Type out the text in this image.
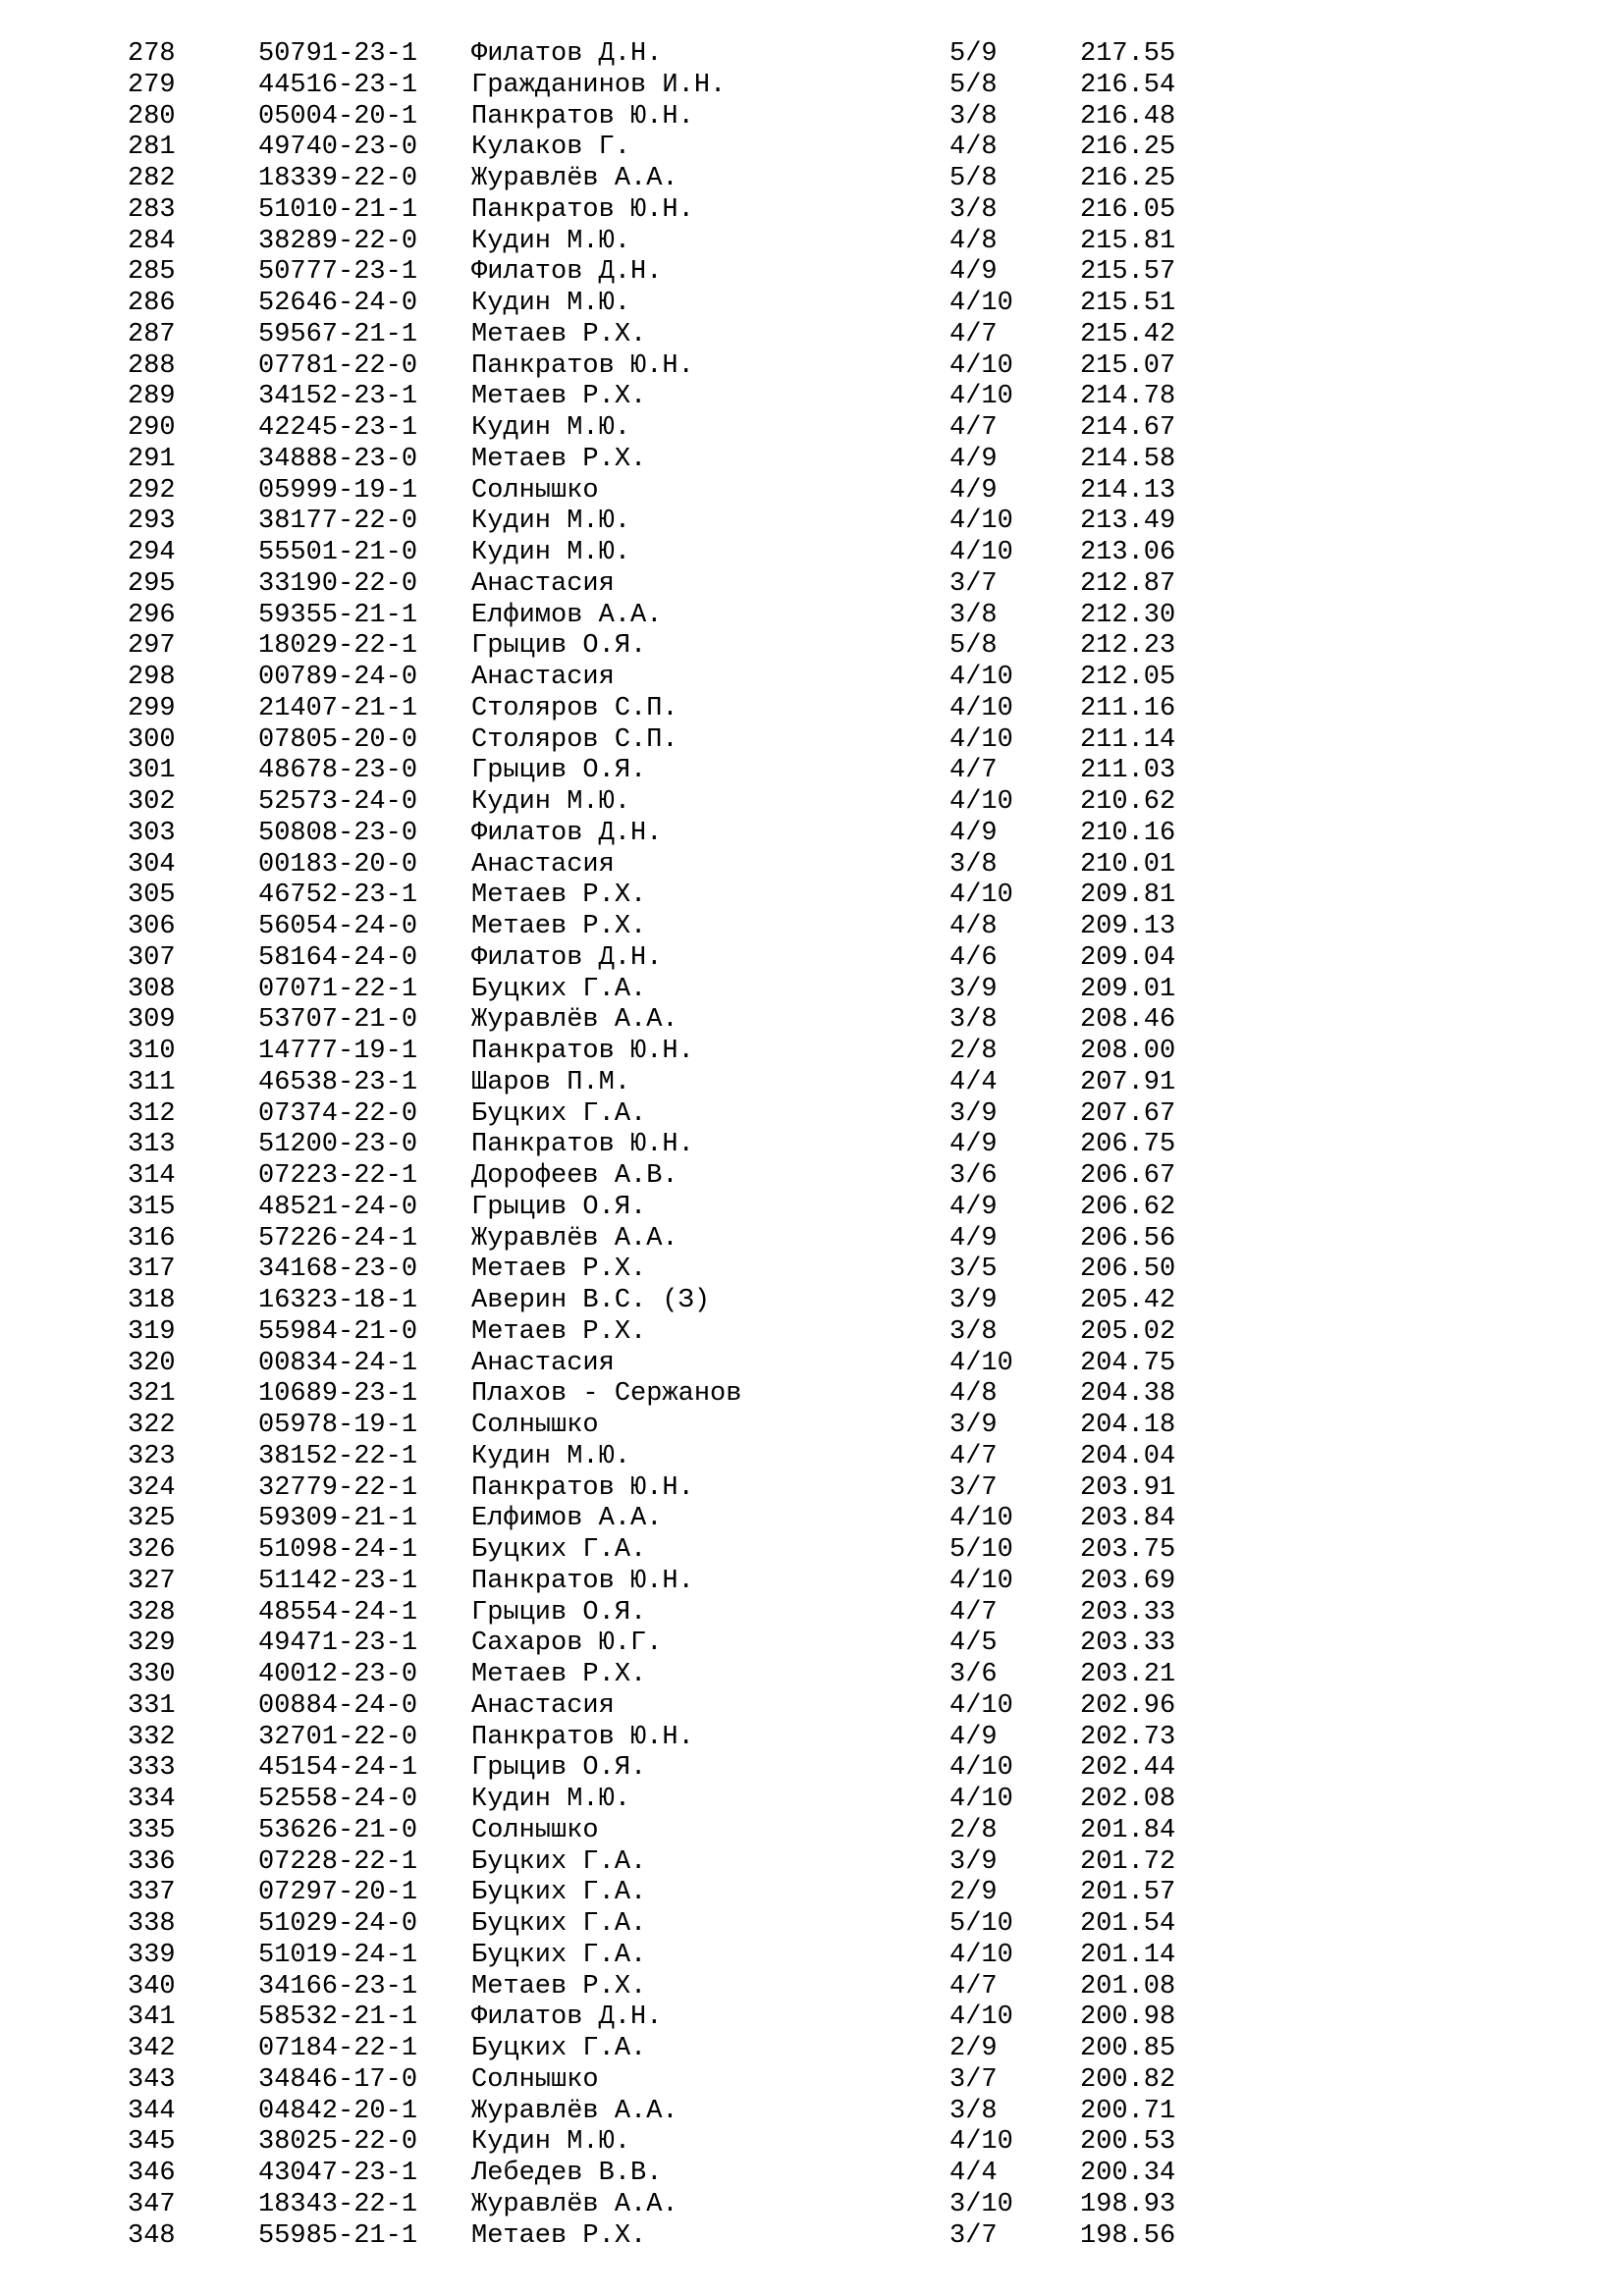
278	50791-23-1 Филатов Д.Н.	5/9	217.55
279	44516-23-1 Гражданинов И.Н.	5/8	216.54
280	05004-20-1 Панкратов Ю.Н.	3/8	216.48
281	49740-23-0 Кулаков Г.	4/8	216.25
282	18339-22-0 Журавлёв А.А.	5/8	216.25
283	51010-21-1 Панкратов Ю.Н.	3/8	216.05
284	38289-22-0 Кудин М.Ю.	4/8	215.81
285	50777-23-1 Филатов Д.Н.	4/9	215.57
286	52646-24-0 Кудин М.Ю.	4/10	215.51
287	59567-21-1 Метаев Р.Х.	4/7	215.42
288	07781-22-0 Панкратов Ю.Н.	4/10	215.07
289	34152-23-1 Метаев Р.Х.	4/10	214.78
290	42245-23-1 Кудин М.Ю.	4/7	214.67
291	34888-23-0 Метаев Р.Х.	4/9	214.58
292	05999-19-1 Солнышко	4/9	214.13
293	38177-22-0 Кудин М.Ю.	4/10	213.49
294	55501-21-0 Кудин М.Ю.	4/10	213.06
295	33190-22-0 Анастасия	3/7	212.87
296	59355-21-1 Елфимов А.А.	3/8	212.30
297	18029-22-1 Грыцив О.Я.	5/8	212.23
298	00789-24-0 Анастасия	4/10	212.05
299	21407-21-1 Столяров С.П.	4/10	211.16
300	07805-20-0 Столяров С.П.	4/10	211.14
301	48678-23-0 Грыцив О.Я.	4/7	211.03
302	52573-24-0 Кудин М.Ю.	4/10	210.62
303	50808-23-0 Филатов Д.Н.	4/9	210.16
304	00183-20-0 Анастасия	3/8	210.01
305	46752-23-1 Метаев Р.Х.	4/10	209.81
306	56054-24-0 Метаев Р.Х.	4/8	209.13
307	58164-24-0 Филатов Д.Н.	4/6	209.04
308	07071-22-1 Буцких Г.А.	3/9	209.01
309	53707-21-0 Журавлёв А.А.	3/8	208.46
310	14777-19-1 Панкратов Ю.Н.	2/8	208.00
311	46538-23-1 Шаров П.М.	4/4	207.91
312	07374-22-0 Буцких Г.А.	3/9	207.67
313	51200-23-0 Панкратов Ю.Н.	4/9	206.75
314	07223-22-1 Дорофеев А.В.	3/6	206.67
315	48521-24-0 Грыцив О.Я.	4/9	206.62
316	57226-24-1 Журавлёв А.А.	4/9	206.56
317	34168-23-0 Метаев Р.Х.	3/5	206.50
318	16323-18-1 Аверин В.С. (З)	3/9	205.42
319	55984-21-0 Метаев Р.Х.	3/8	205.02
320	00834-24-1 Анастасия	4/10	204.75
321	10689-23-1 Плахов - Сержанов	4/8	204.38
322	05978-19-1 Солнышко	3/9	204.18
323	38152-22-1 Кудин М.Ю.	4/7	204.04
324	32779-22-1 Панкратов Ю.Н.	3/7	203.91
325	59309-21-1 Елфимов А.А.	4/10	203.84
326	51098-24-1 Буцких Г.А.	5/10	203.75
327	51142-23-1 Панкратов Ю.Н.	4/10	203.69
328	48554-24-1 Грыцив О.Я.	4/7	203.33
329	49471-23-1 Сахаров Ю.Г.	4/5	203.33
330	40012-23-0 Метаев Р.Х.	3/6	203.21
331	00884-24-0 Анастасия	4/10	202.96
332	32701-22-0 Панкратов Ю.Н.	4/9	202.73
333	45154-24-1 Грыцив О.Я.	4/10	202.44
334	52558-24-0 Кудин М.Ю.	4/10	202.08
335	53626-21-0 Солнышко	2/8	201.84
336	07228-22-1 Буцких Г.А.	3/9	201.72
337	07297-20-1 Буцких Г.А.	2/9	201.57
338	51029-24-0 Буцких Г.А.	5/10	201.54
339	51019-24-1 Буцких Г.А.	4/10	201.14
340	34166-23-1 Метаев Р.Х.	4/7	201.08
341	58532-21-1 Филатов Д.Н.	4/10	200.98
342	07184-22-1 Буцких Г.А.	2/9	200.85
343	34846-17-0 Солнышко	3/7	200.82
344	04842-20-1 Журавлёв А.А.	3/8	200.71
345	38025-22-0 Кудин М.Ю.	4/10	200.53
346	43047-23-1 Лебедев В.В.	4/4	200.34
347	18343-22-1 Журавлёв А.А.	3/10	198.93
348	55985-21-1 Метаев Р.Х.	3/7	198.56
